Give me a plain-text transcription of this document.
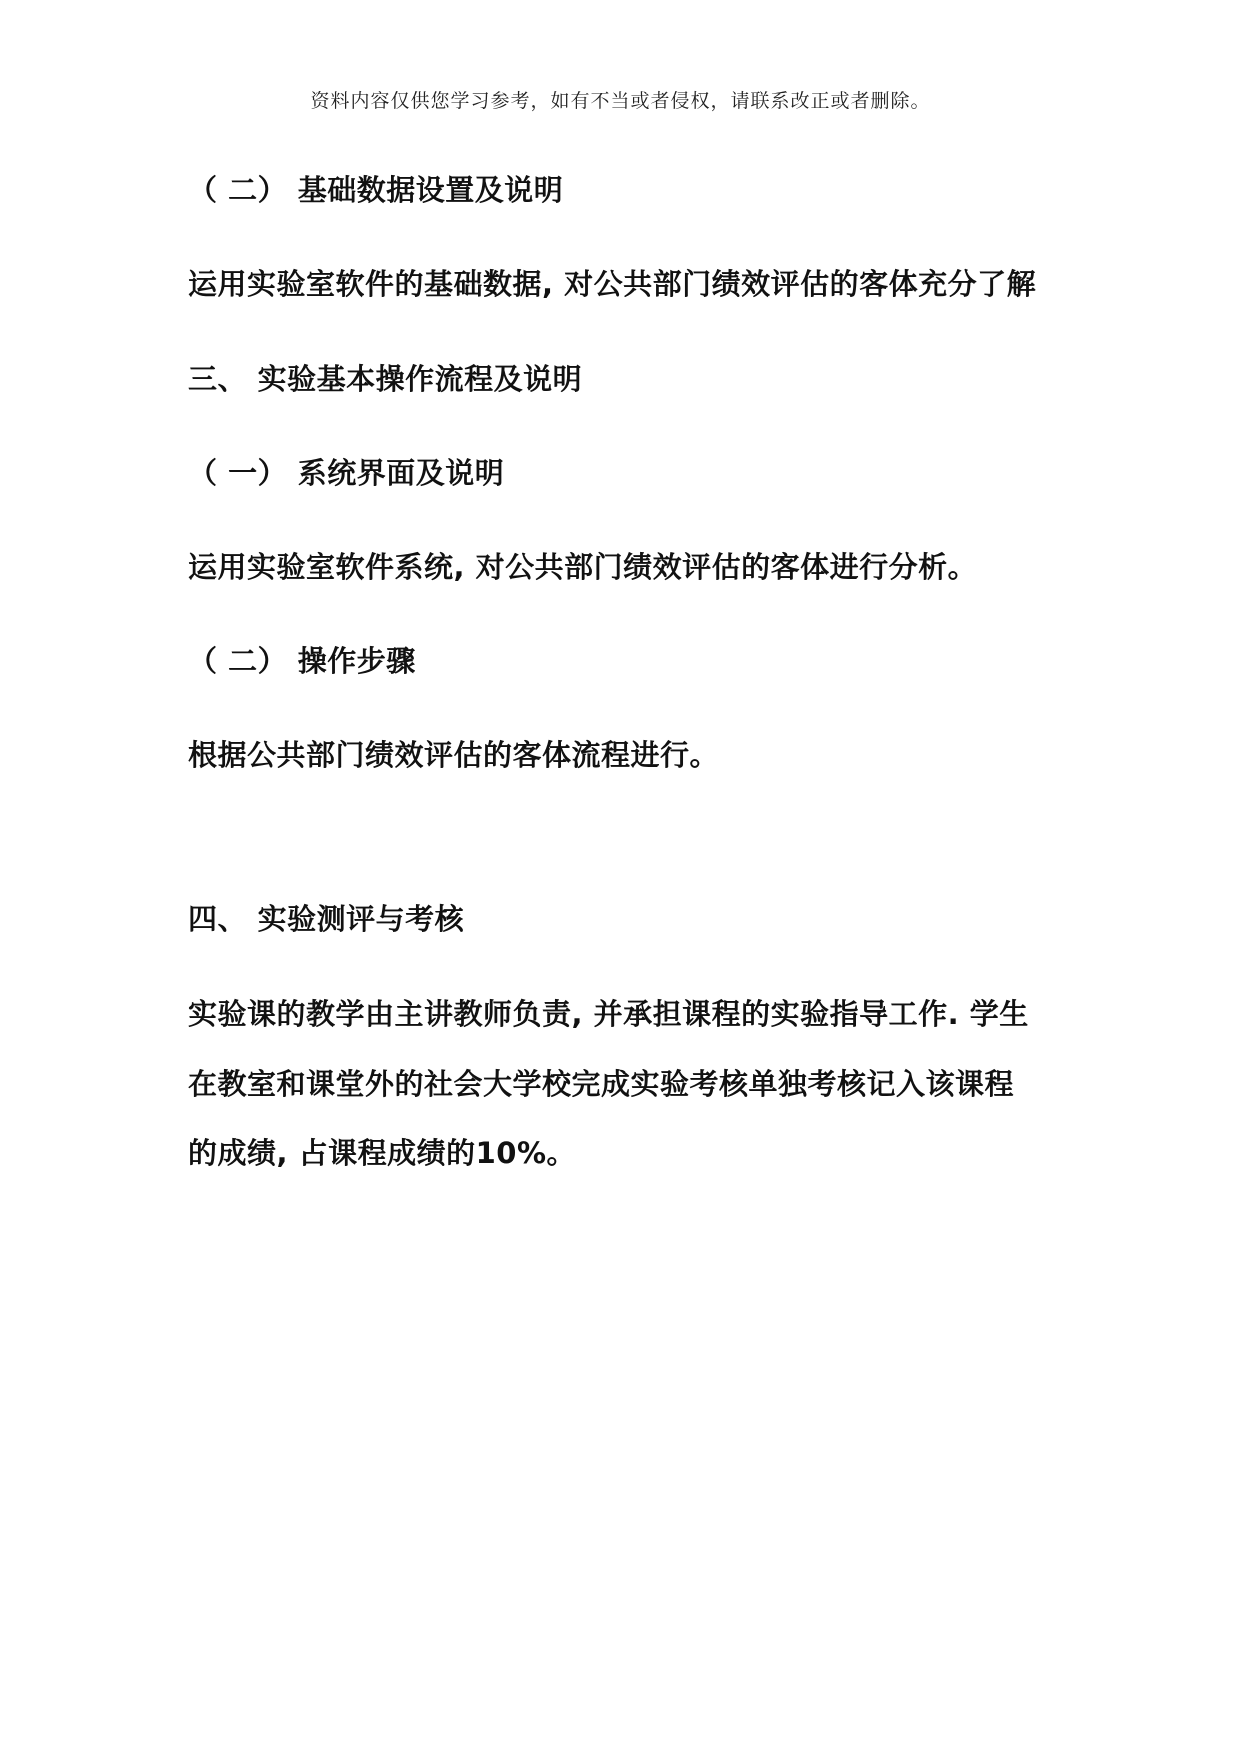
资料内容仅供您学习参考，如有不当或者侵权，请联系改正或者删除。
（ 二） 基础数据设置及说明
运用实验室软件的基础数据, 对公共部门绩效评估的客体充分了解
三、 实验基本操作流程及说明
（ 一） 系统界面及说明
运用实验室软件系统, 对公共部门绩效评估的客体进行分析。
（ 二） 操作步骤
根据公共部门绩效评估的客体流程进行。
四、 实验测评与考核
实验课的教学由主讲教师负责, 并承担课程的实验指导工作. 学生
在教室和课堂外的社会大学校完成实验考核单独考核记入该课程
的成绩, 占课程成绩的10%。
